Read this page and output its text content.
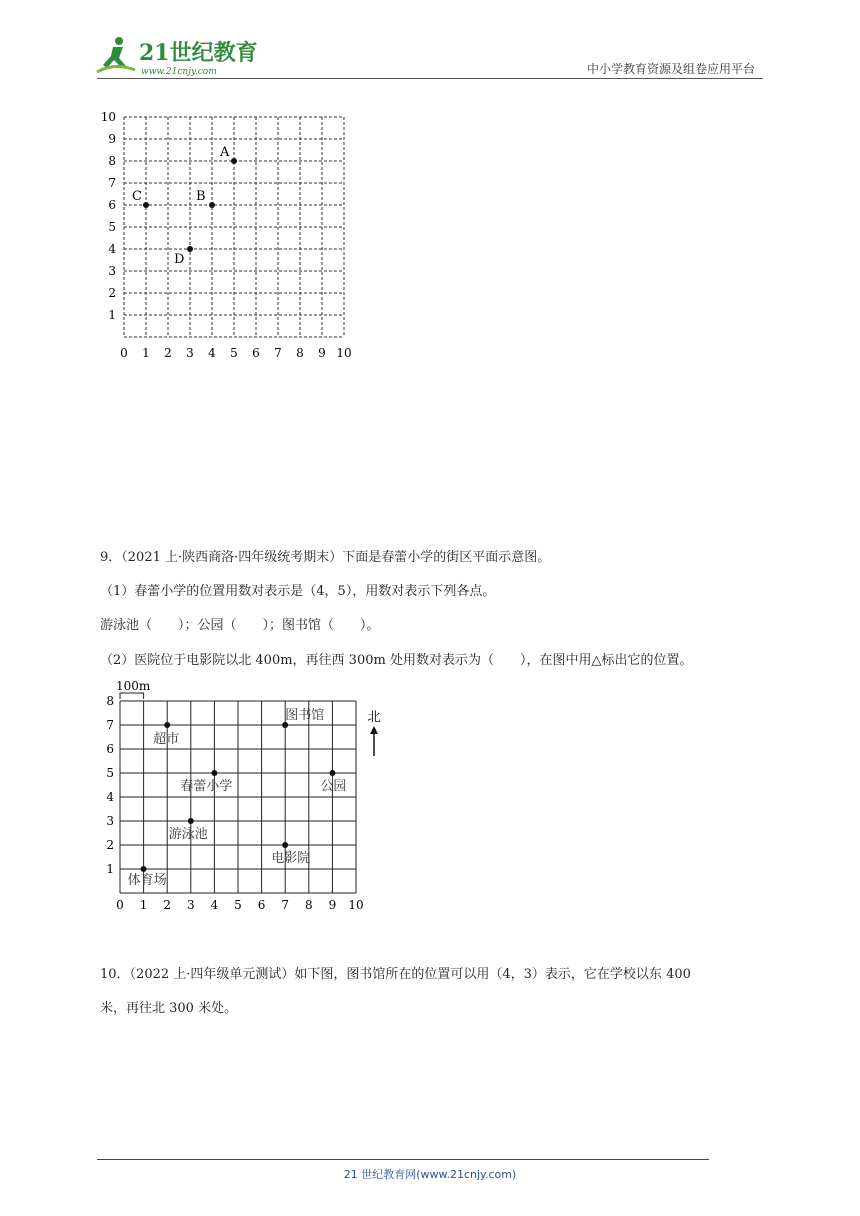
21世纪教育
www.21cnjy.com	中小学教育资源及组卷应用平台
1
2
3
4
5
6
7
8
9
10
0 1 2 3 4 5 6 7 8 9 10
A
B
C
D
9．（2021 上·陕西商洛·四年级统考期末）下面是春蕾小学的街区平面示意图。
（1）春蕾小学的位置用数对表示是（4，5），用数对表示下列各点。
游泳池（　　）；公园（　　）；图书馆（　　）。
（2）医院位于电影院以北 400m，再往西 300m 处用数对表示为（　　），在图中用△标出它的位置。
1
2
3
4
5
6
7
8
0 1 2 3 4 5 6 7 8 9 10
100m
北
图书馆
超市
春蕾小学	公园
游泳池
电影院
体育场
10．（2022 上·四年级单元测试）如下图，图书馆所在的位置可以用（4，3）表示，它在学校以东 400
米，再往北 300 米处。
21 世纪教育网(www.21cnjy.com)
